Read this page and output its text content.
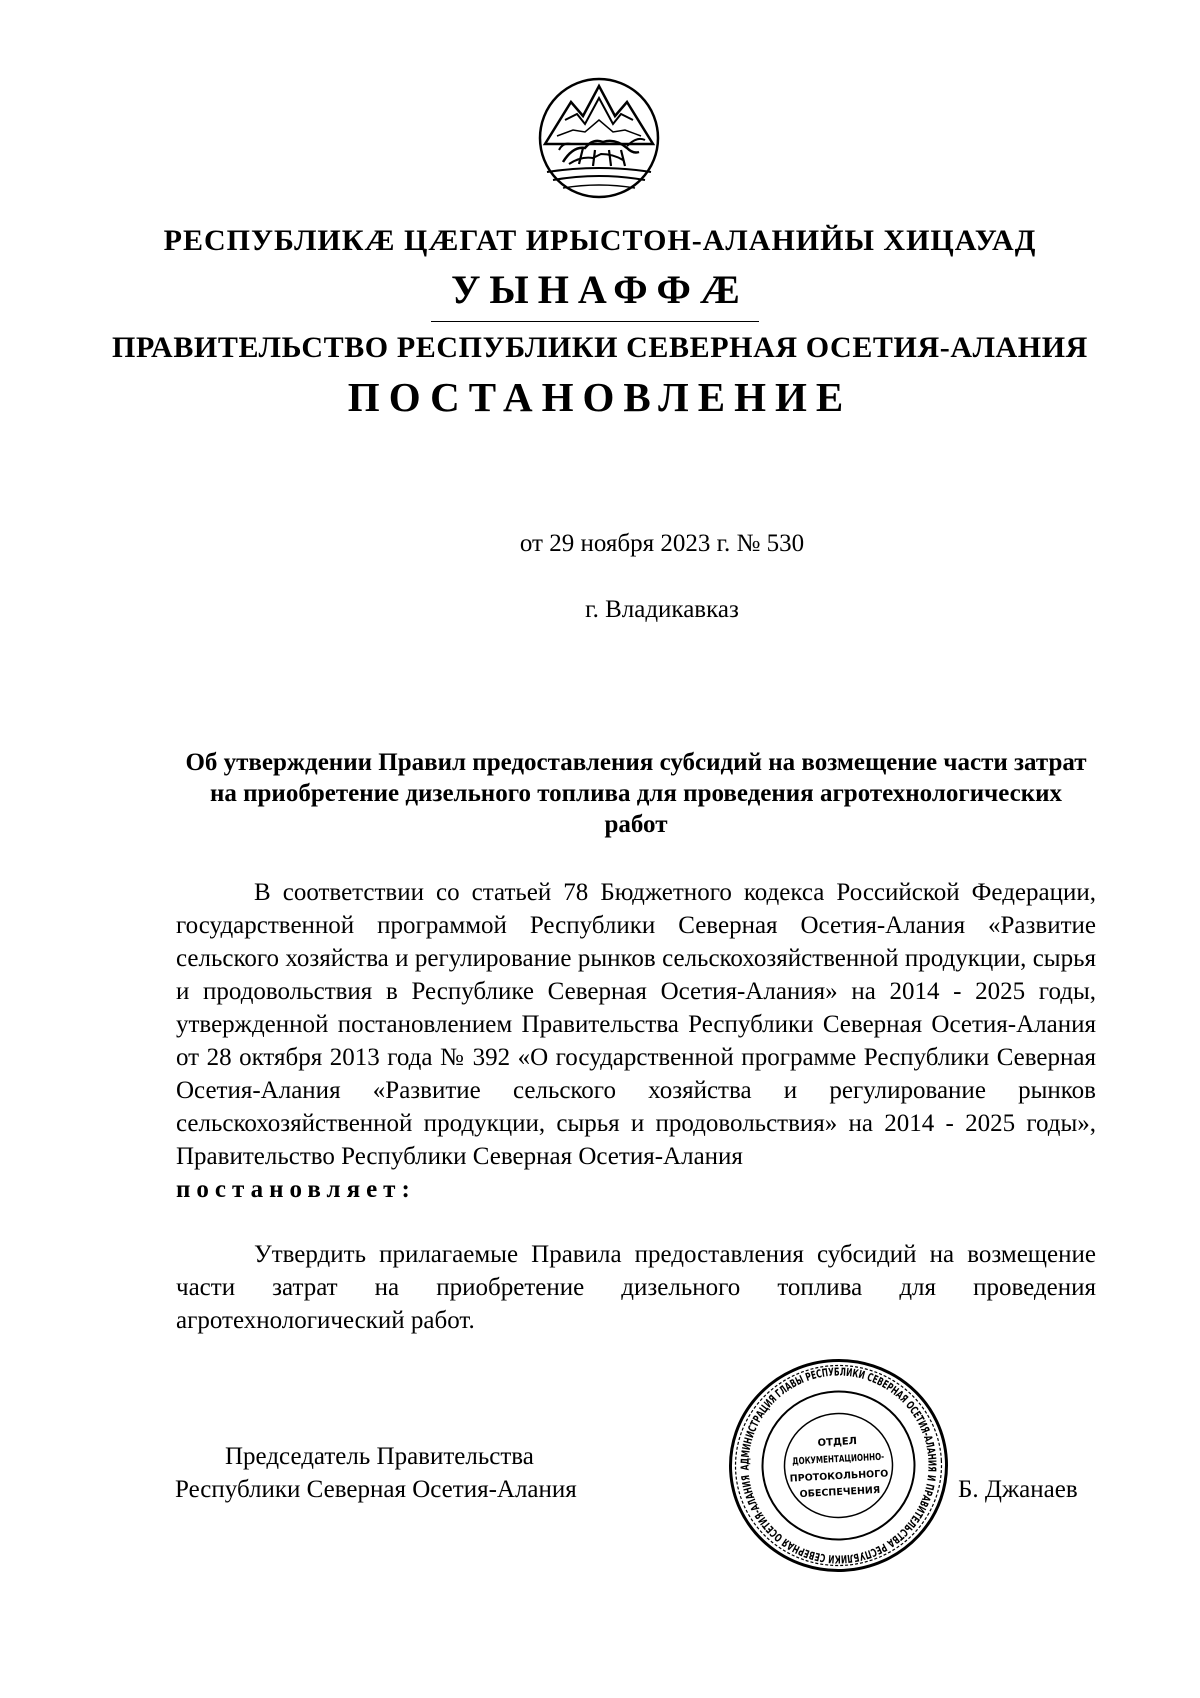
РЕСПУБЛИКӔ ЦӔГАТ ИРЫСТОН-АЛАНИЙЫ ХИЦАУАД
УЫНАФФӔ
ПРАВИТЕЛЬСТВО РЕСПУБЛИКИ СЕВЕРНАЯ ОСЕТИЯ-АЛАНИЯ
ПОСТАНОВЛЕНИЕ
от 29 ноября 2023 г. № 530
г. Владикавказ
Об утверждении Правил предоставления субсидий на возмещение части затрат на приобретение дизельного топлива для проведения агротехнологических работ
В соответствии со статьей 78 Бюджетного кодекса Российской Федерации, государственной программой Республики Северная Осетия-Алания «Развитие сельского хозяйства и регулирование рынков сельскохозяйственной продукции, сырья и продовольствия в Республике Северная Осетия-Алания» на 2014 - 2025 годы, утвержденной постановлением Правительства Республики Северная Осетия-Алания от 28 октября 2013 года № 392 «О государственной программе Республики Северная Осетия-Алания «Развитие сельского хозяйства и регулирование рынков сельскохозяйственной продукции, сырья и продовольствия» на 2014 - 2025 годы», Правительство Республики Северная Осетия-Алания
постановляет:
Утвердить прилагаемые Правила предоставления субсидий на возмещение части затрат на приобретение дизельного топлива для проведения агротехнологический работ.
Председатель Правительства
Республики Северная Осетия-Алания	Б. Джанаев
АДМИНИСТРАЦИЯ ГЛАВЫ РЕСПУБЛИКИ СЕВЕРНАЯ ОСЕТИЯ-АЛАНИЯ И ПРАВИТЕЛЬСТВА РЕСПУБЛИКИ СЕВЕРНАЯ ОСЕТИЯ-АЛАНИЯ
ОТДЕЛ
ДОКУМЕНТАЦИОННО-
ПРОТОКОЛЬНОГО
ОБЕСПЕЧЕНИЯ
